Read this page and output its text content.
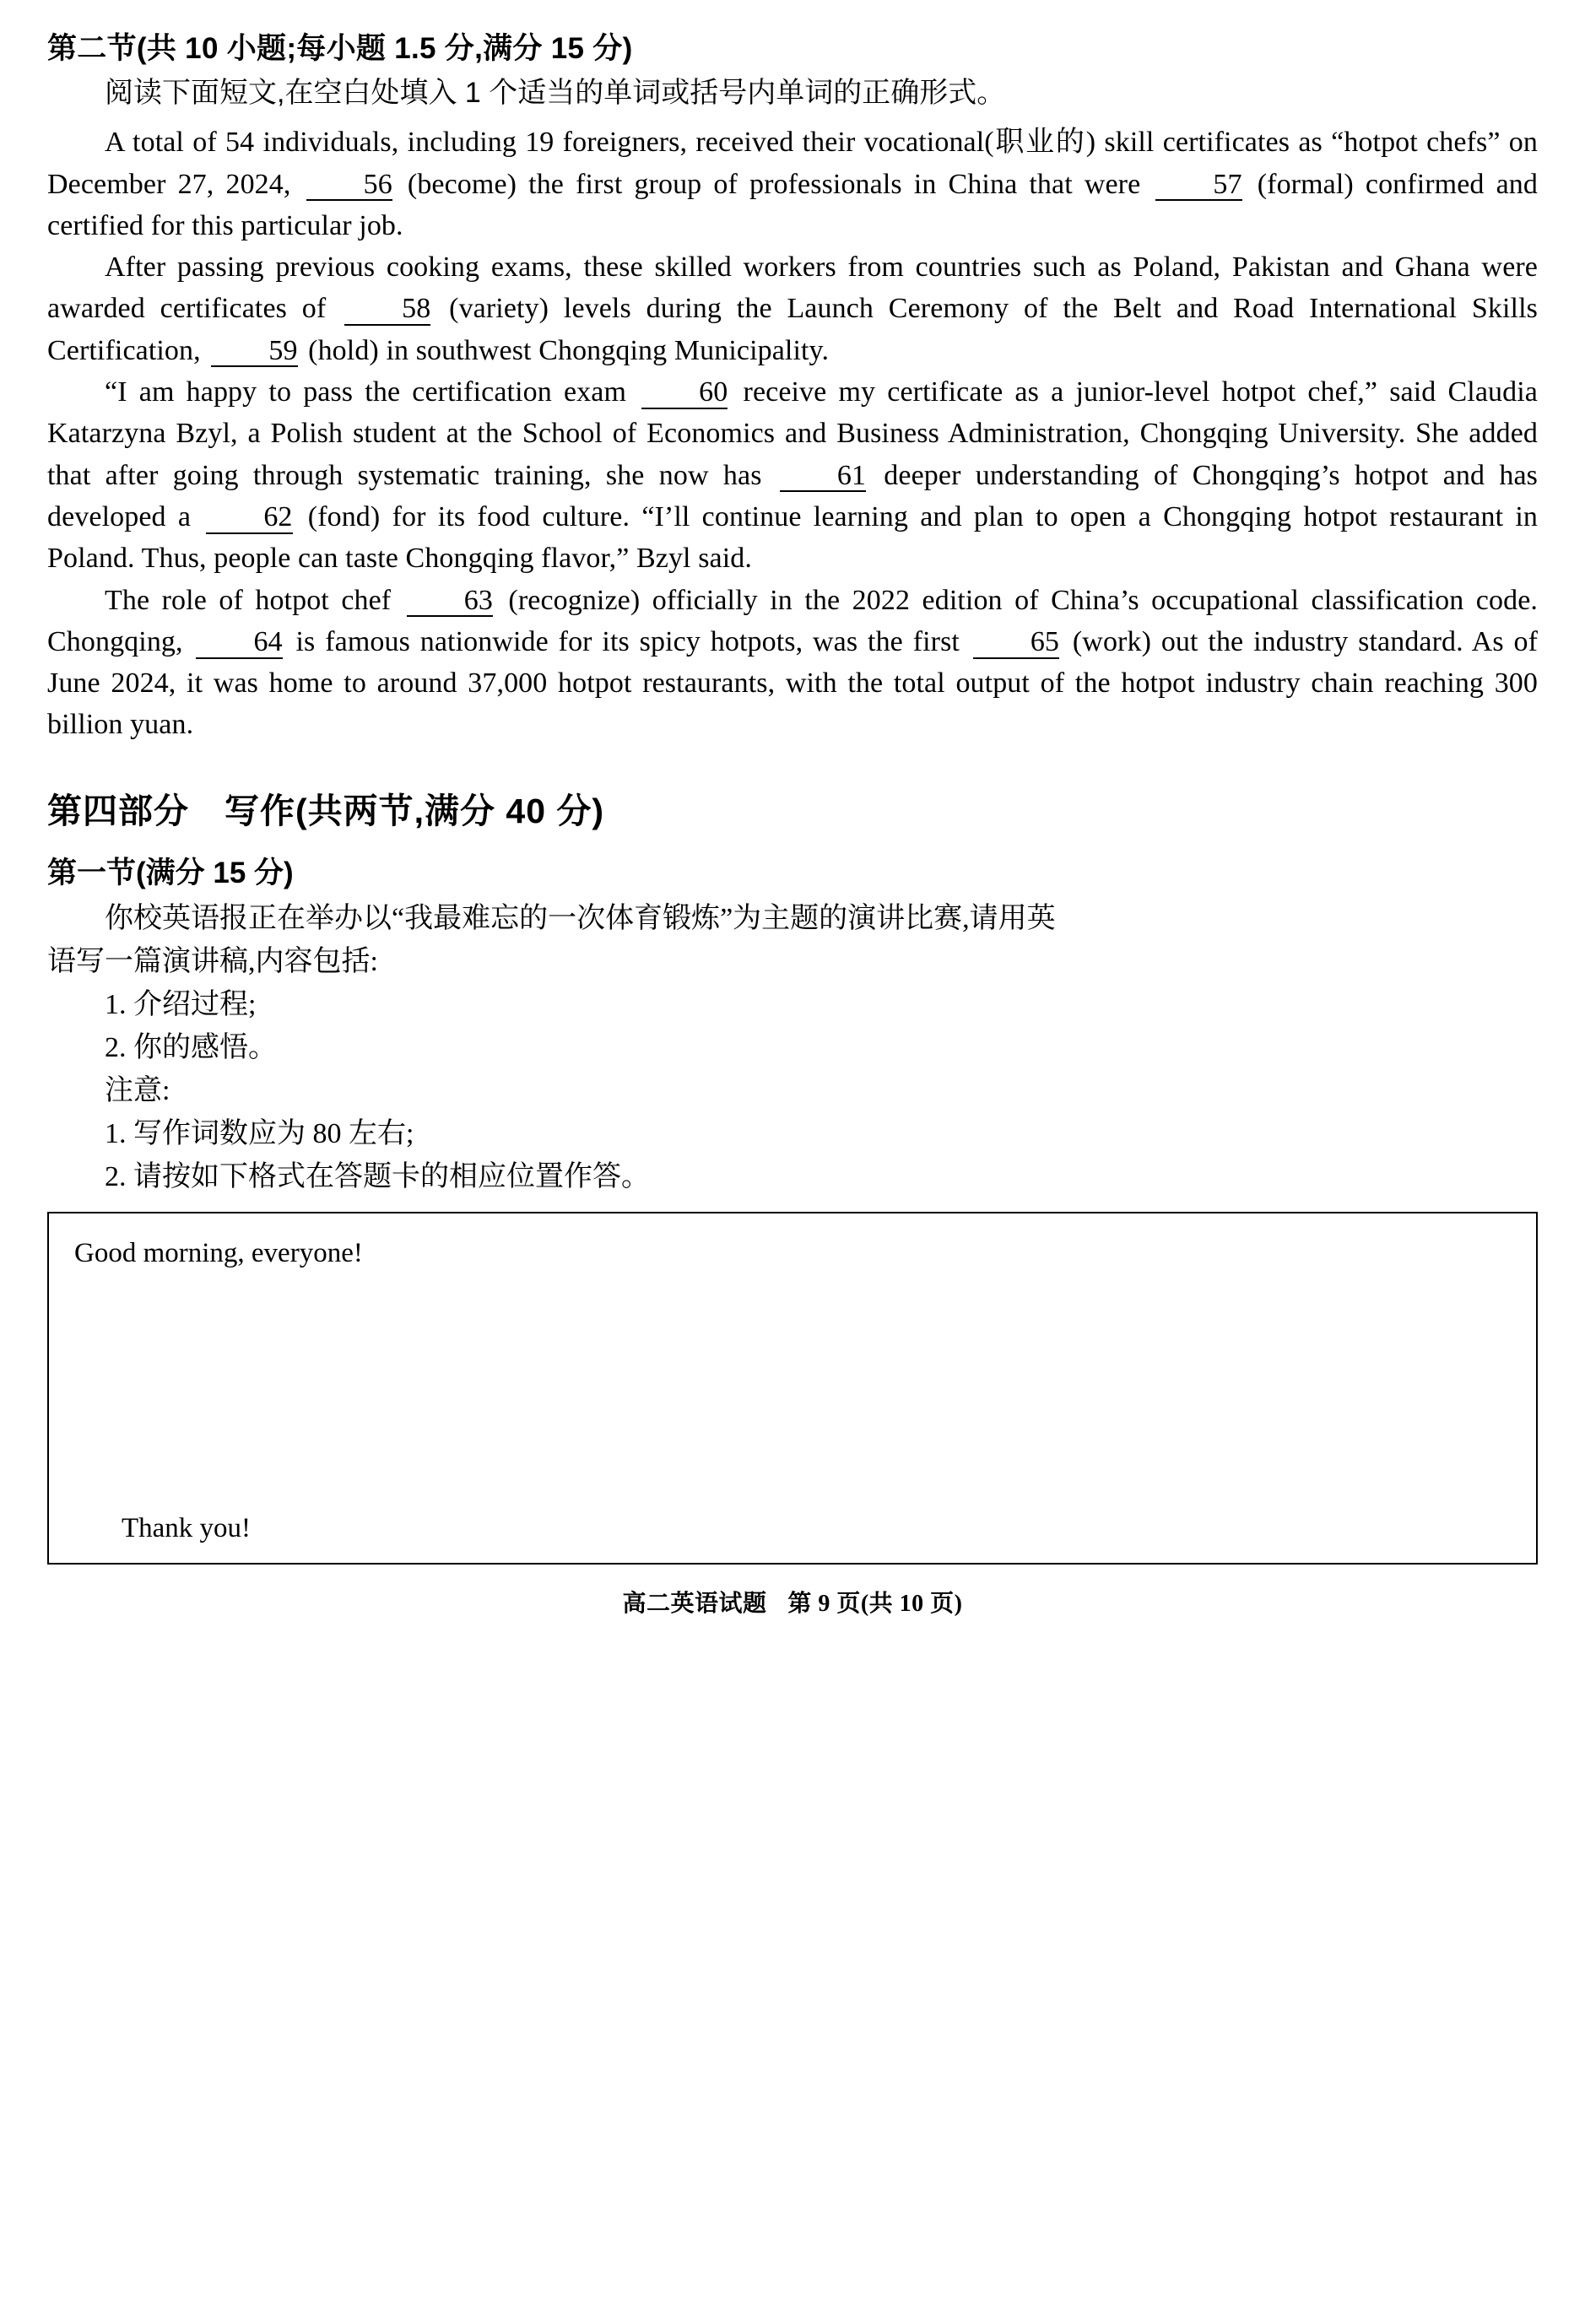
第二节(共 10 小题;每小题 1.5 分,满分 15 分)

阅读下面短文,在空白处填入 1 个适当的单词或括号内单词的正确形式。

A total of 54 individuals, including 19 foreigners, received their vocational(职业的) skill certificates as “hotpot chefs” on December 27, 2024,	56 (become) the first group of professionals in China that were	57 (formal) confirmed and certified for this particular job.

After passing previous cooking exams, these skilled workers from countries such as Poland, Pakistan and Ghana were awarded certificates of	58 (variety) levels during the Launch Ceremony of the Belt and Road International Skills Certification, 59 (hold) in southwest Chongqing Municipality.

“I am happy to pass the certification exam	60 receive my certificate as a junior-level hotpot chef,” said Claudia Katarzyna Bzyl, a Polish student at the School of Economics and Business Administration, Chongqing University. She added that after going through systematic training, she now has	61 deeper understanding of Chongqing’s hotpot and has developed a	62 (fond) for its food culture. “I’ll continue learning and plan to open a Chongqing hotpot restaurant in Poland. Thus, people can taste Chongqing flavor,” Bzyl said.

The role of hotpot chef	63 (recognize) officially in the 2022 edition of China’s occupational classification code. Chongqing, 64 is famous nationwide for its spicy hotpots, was the first 65 (work) out the industry standard. As of June 2024, it was home to around 37,000 hotpot restaurants, with the total output of the hotpot industry chain reaching 300 billion yuan.

第四部分 写作(共两节,满分 40 分)
第一节(满分 15 分)

你校英语报正在举办以“我最难忘的一次体育锻炼”为主题的演讲比赛,请用英

语写一篇演讲稿,内容包括:

1. 介绍过程;

2. 你的感悟。

注意:

1. 写作词数应为 80 左右;

2. 请按如下格式在答题卡的相应位置作答。

Good morning, everyone!
Thank you!
高二英语试题 第 9 页(共 10 页)
